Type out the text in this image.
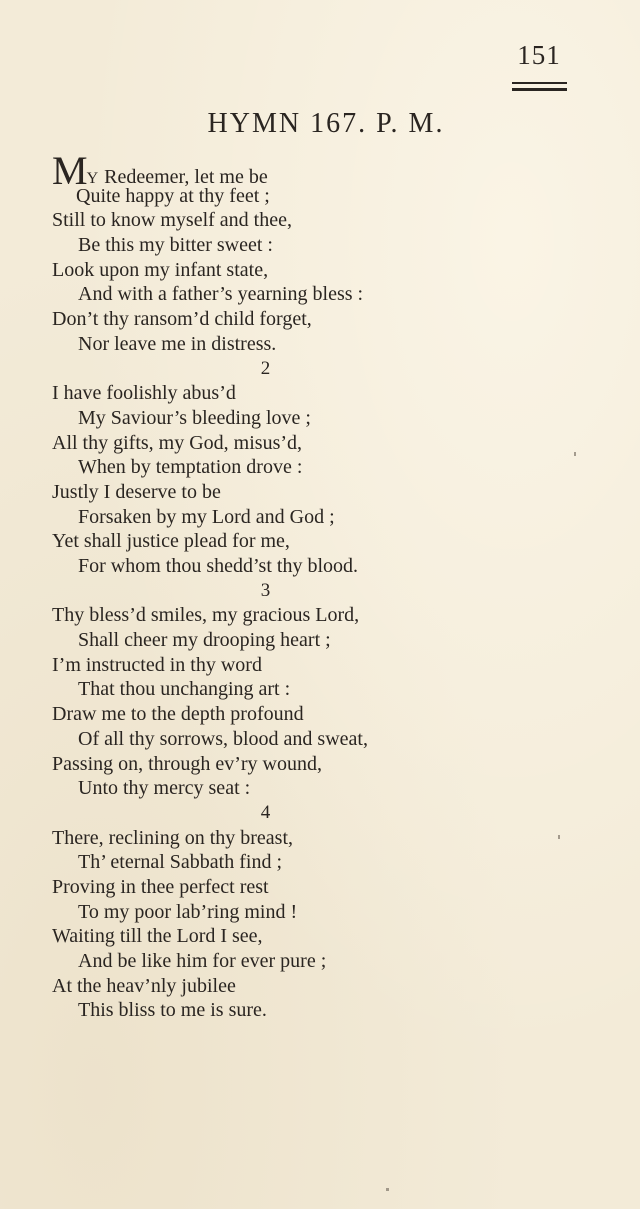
151
HYMN 167. P. M.
MY Redeemer, let me be
Quite happy at thy feet ;
Still to know myself and thee,
Be this my bitter sweet :
Look upon my infant state,
And with a father’s yearning bless :
Don’t thy ransom’d child forget,
Nor leave me in distress.
2
I have foolishly abus’d
My Saviour’s bleeding love ;
All thy gifts, my God, misus’d,
When by temptation drove :
Justly I deserve to be
Forsaken by my Lord and God ;
Yet shall justice plead for me,
For whom thou shedd’st thy blood.
3
Thy bless’d smiles, my gracious Lord,
Shall cheer my drooping heart ;
I’m instructed in thy word
That thou unchanging art :
Draw me to the depth profound
Of all thy sorrows, blood and sweat,
Passing on, through ev’ry wound,
Unto thy mercy seat :
4
There, reclining on thy breast,
Th’ eternal Sabbath find ;
Proving in thee perfect rest
To my poor lab’ring mind !
Waiting till the Lord I see,
And be like him for ever pure ;
At the heav’nly jubilee
This bliss to me is sure.
